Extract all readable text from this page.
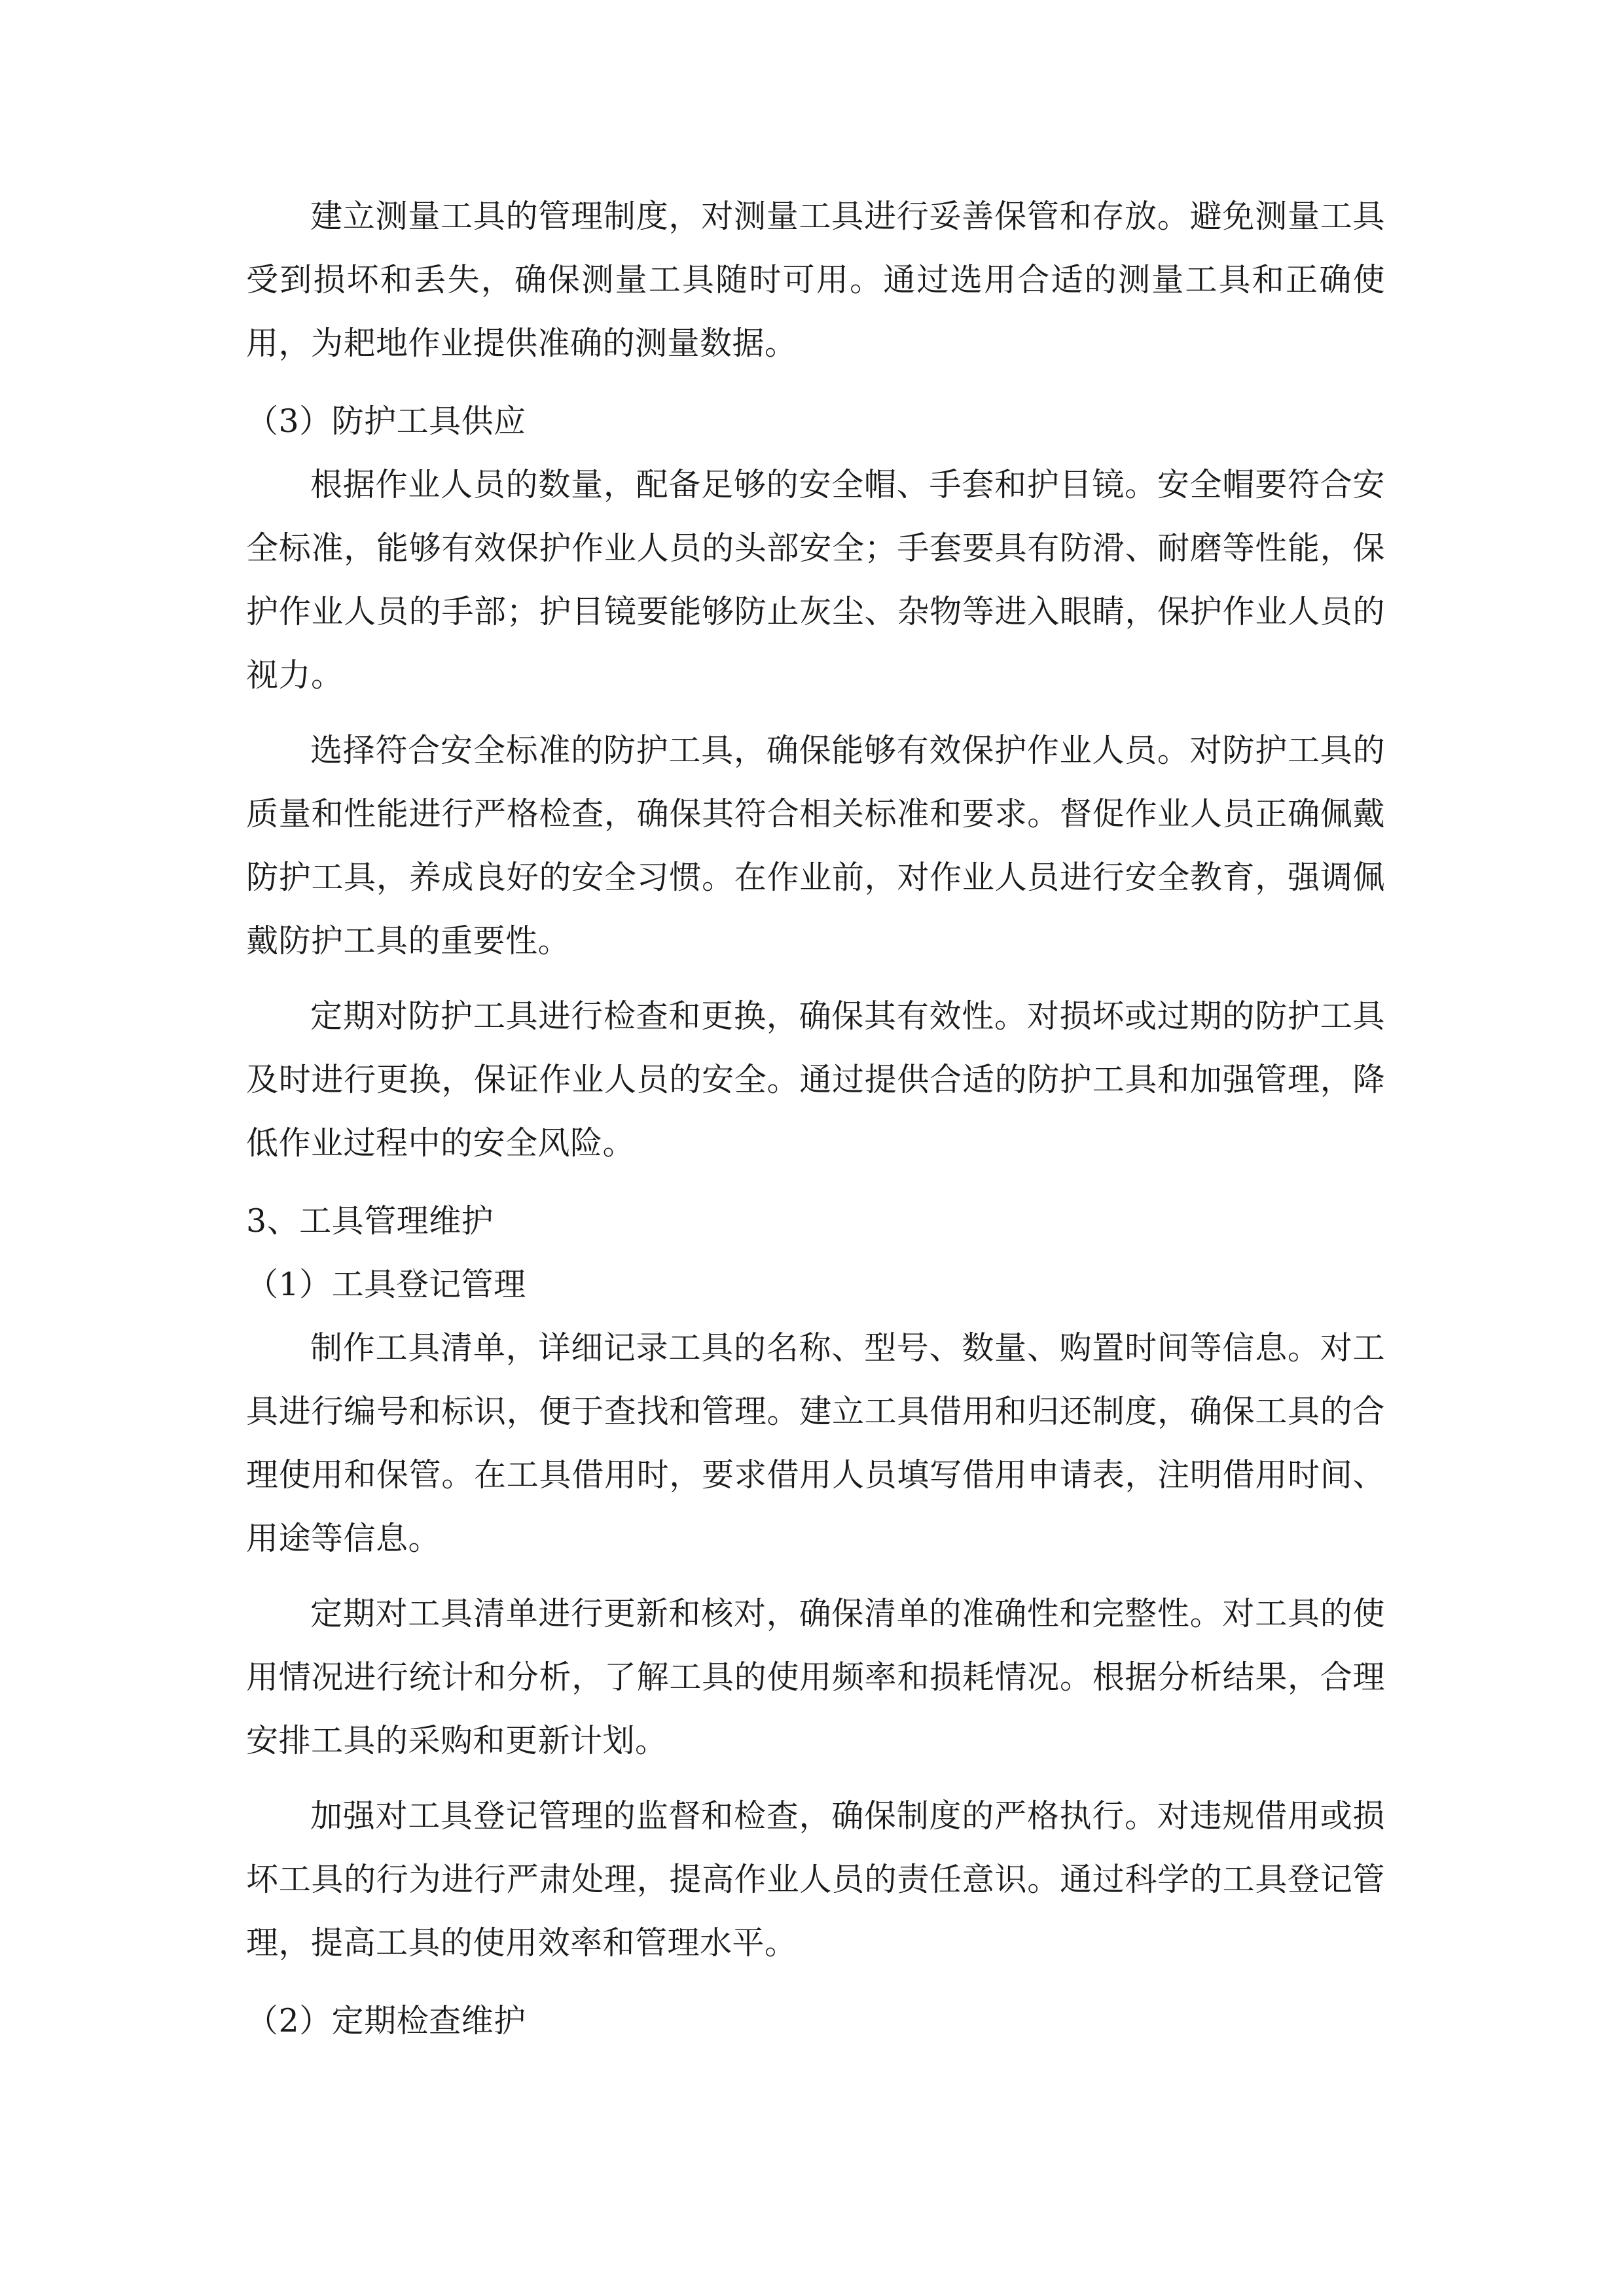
建立测量工具的管理制度，对测量工具进行妥善保管和存放。避免测量工具受到损坏和丢失，确保测量工具随时可用。通过选用合适的测量工具和正确使用，为耙地作业提供准确的测量数据。

（3）防护工具供应

根据作业人员的数量，配备足够的安全帽、手套和护目镜。安全帽要符合安全标准，能够有效保护作业人员的头部安全；手套要具有防滑、耐磨等性能，保护作业人员的手部；护目镜要能够防止灰尘、杂物等进入眼睛，保护作业人员的视力。

选择符合安全标准的防护工具，确保能够有效保护作业人员。对防护工具的质量和性能进行严格检查，确保其符合相关标准和要求。督促作业人员正确佩戴防护工具，养成良好的安全习惯。在作业前，对作业人员进行安全教育，强调佩戴防护工具的重要性。

定期对防护工具进行检查和更换，确保其有效性。对损坏或过期的防护工具及时进行更换，保证作业人员的安全。通过提供合适的防护工具和加强管理，降低作业过程中的安全风险。

3、工具管理维护

（1）工具登记管理

制作工具清单，详细记录工具的名称、型号、数量、购置时间等信息。对工具进行编号和标识，便于查找和管理。建立工具借用和归还制度，确保工具的合理使用和保管。在工具借用时，要求借用人员填写借用申请表，注明借用时间、用途等信息。

定期对工具清单进行更新和核对，确保清单的准确性和完整性。对工具的使用情况进行统计和分析，了解工具的使用频率和损耗情况。根据分析结果，合理安排工具的采购和更新计划。

加强对工具登记管理的监督和检查，确保制度的严格执行。对违规借用或损坏工具的行为进行严肃处理，提高作业人员的责任意识。通过科学的工具登记管理，提高工具的使用效率和管理水平。

（2）定期检查维护
